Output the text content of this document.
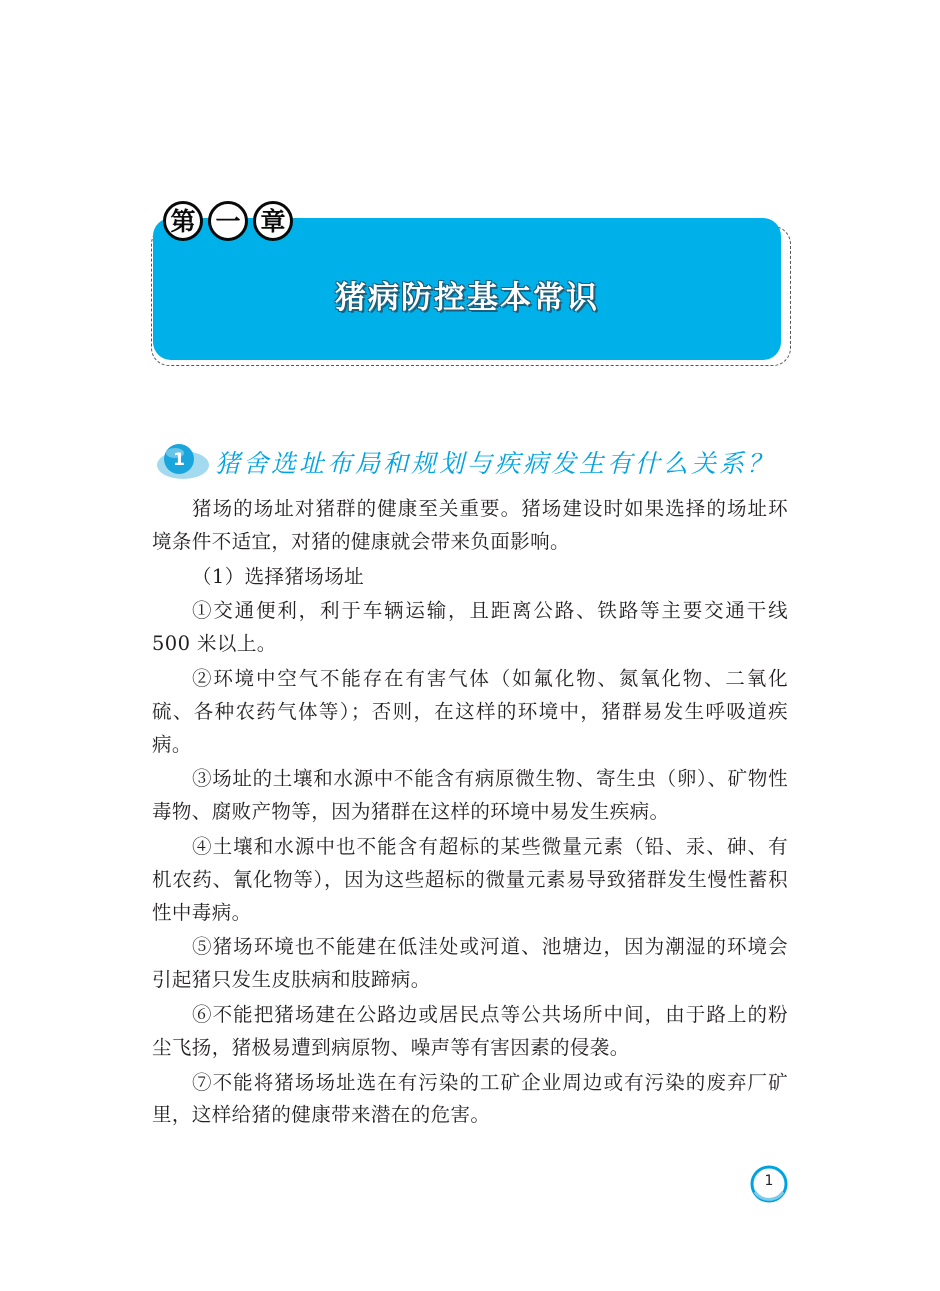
第 一 章
猪病防控基本常识
1 猪舍选址布局和规划与疾病发生有什么关系？

猪场的场址对猪群的健康至关重要。猪场建设时如果选择的场址环境条件不适宜，对猪的健康就会带来负面影响。

（1）选择猪场场址

①交通便利，利于车辆运输，且距离公路、铁路等主要交通干线 500 米以上。

②环境中空气不能存在有害气体（如氟化物、氮氧化物、二氧化硫、各种农药气体等）；否则，在这样的环境中，猪群易发生呼吸道疾病。

③场址的土壤和水源中不能含有病原微生物、寄生虫（卵）、矿物性毒物、腐败产物等，因为猪群在这样的环境中易发生疾病。

④土壤和水源中也不能含有超标的某些微量元素（铅、汞、砷、有机农药、氰化物等），因为这些超标的微量元素易导致猪群发生慢性蓄积性中毒病。

⑤猪场环境也不能建在低洼处或河道、池塘边，因为潮湿的环境会引起猪只发生皮肤病和肢蹄病。

⑥不能把猪场建在公路边或居民点等公共场所中间，由于路上的粉尘飞扬，猪极易遭到病原物、噪声等有害因素的侵袭。

⑦不能将猪场场址选在有污染的工矿企业周边或有污染的废弃厂矿里，这样给猪的健康带来潜在的危害。

1
